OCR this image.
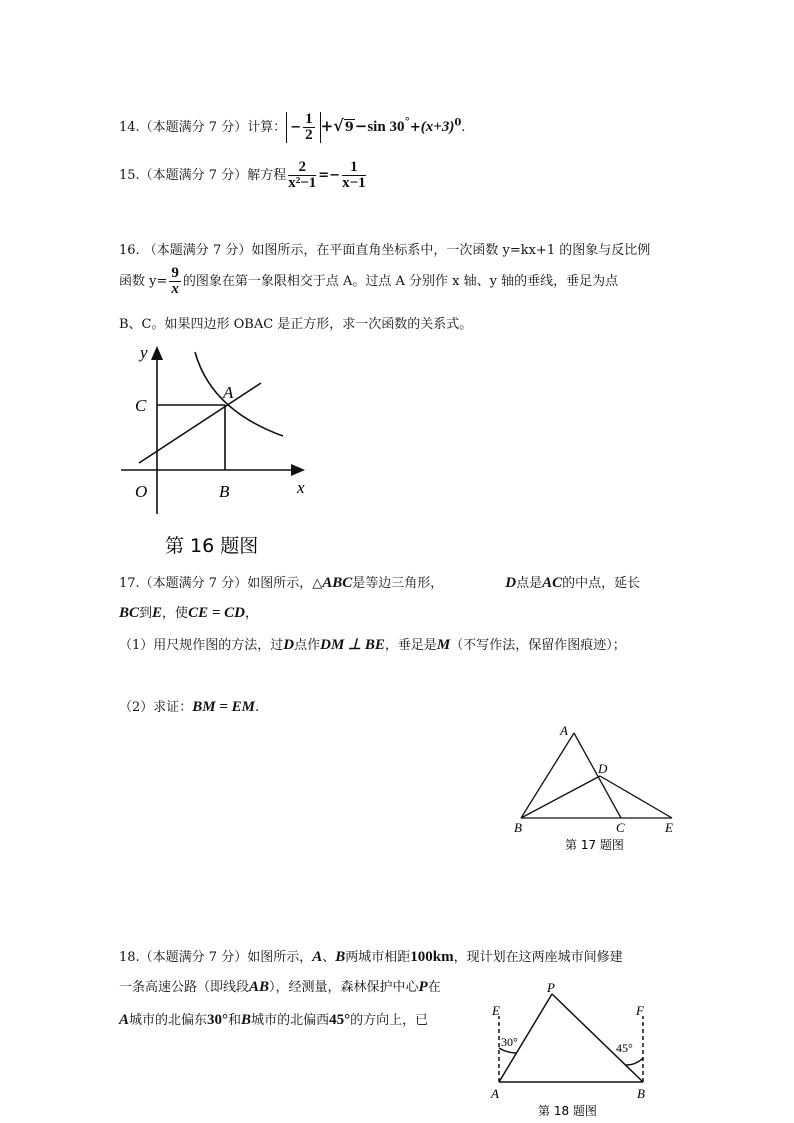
14.（本题满分 7 分）计算： − $\frac{1}{2} +√9-\sin$ $30^\circ+(x+3)^0$.
15.（本题满分 7 分）解方程 $\frac{2}{\text{x²−1}} =- \frac{1}{x-1}$
16. （本题满分 7 分）如图所示，在平面直角坐标系中，一次函数 y=kx+1 的图象与反比例
函数 $y= \frac{9}{x}$ 的图象在第一象限相交于点 A。过点 A 分别作 x 轴、y 轴的垂线，垂足为点
B、C。如果四边形 OBAC 是正方形，求一次函数的关系式。
y
x
C
A
O	B
第 16 题图
17.（本题满分 7 分）如图所示，△ABC是等边三角形，	D点是AC的中点，延长
BC到E，使CE = CD，
（1）用尺规作图的方法，过D点作DM ⊥ BE，垂足是M（不写作法，保留作图痕迹）；
（2）求证：BM = EM.
A
D
B	C	E
第 17 题图
18.（本题满分 7 分）如图所示，A、B两城市相距100km，现计划在这两座城市间修建
一条高速公路（即线段AB），经测量，森林保护中心P在
A城市的北偏东30°和B城市的北偏西45°的方向上，已
P
E	F
30°	45°
A	B
第 18 题图
